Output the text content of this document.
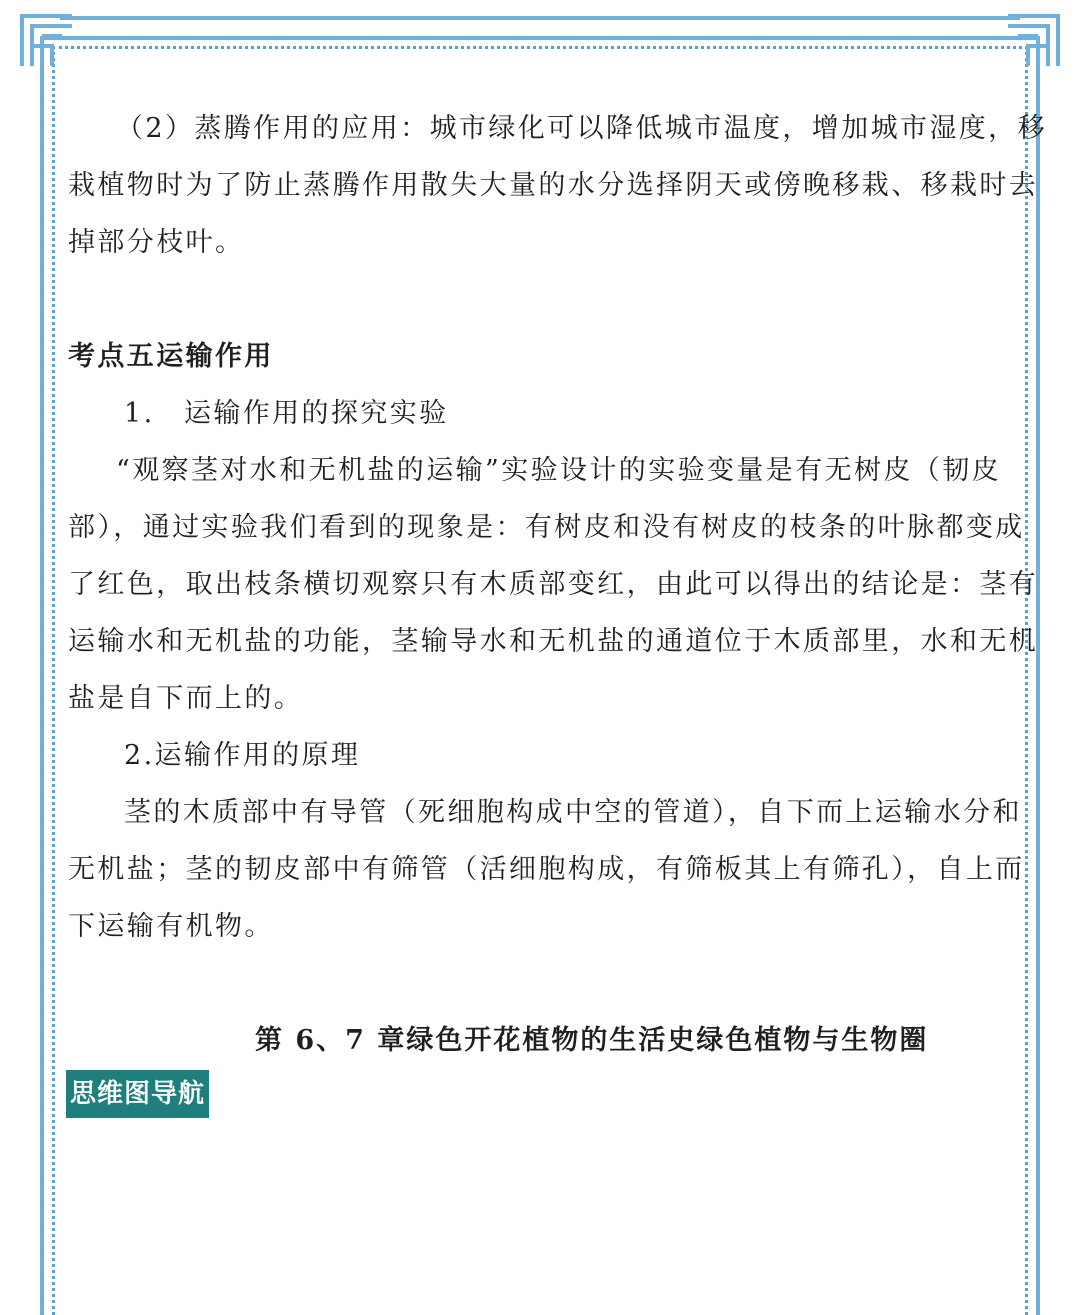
（2）蒸腾作用的应用：城市绿化可以降低城市温度，增加城市湿度，移
栽植物时为了防止蒸腾作用散失大量的水分选择阴天或傍晚移栽、移栽时去
掉部分枝叶。
考点五运输作用
1.　运输作用的探究实验
“观察茎对水和无机盐的运输”实验设计的实验变量是有无树皮（韧皮
部），通过实验我们看到的现象是：有树皮和没有树皮的枝条的叶脉都变成
了红色，取出枝条横切观察只有木质部变红，由此可以得出的结论是：茎有
运输水和无机盐的功能，茎输导水和无机盐的通道位于木质部里，水和无机
盐是自下而上的。
2.运输作用的原理
茎的木质部中有导管（死细胞构成中空的管道），自下而上运输水分和
无机盐；茎的韧皮部中有筛管（活细胞构成，有筛板其上有筛孔），自上而
下运输有机物。
第 6、7 章绿色开花植物的生活史绿色植物与生物圈
思维图导航
